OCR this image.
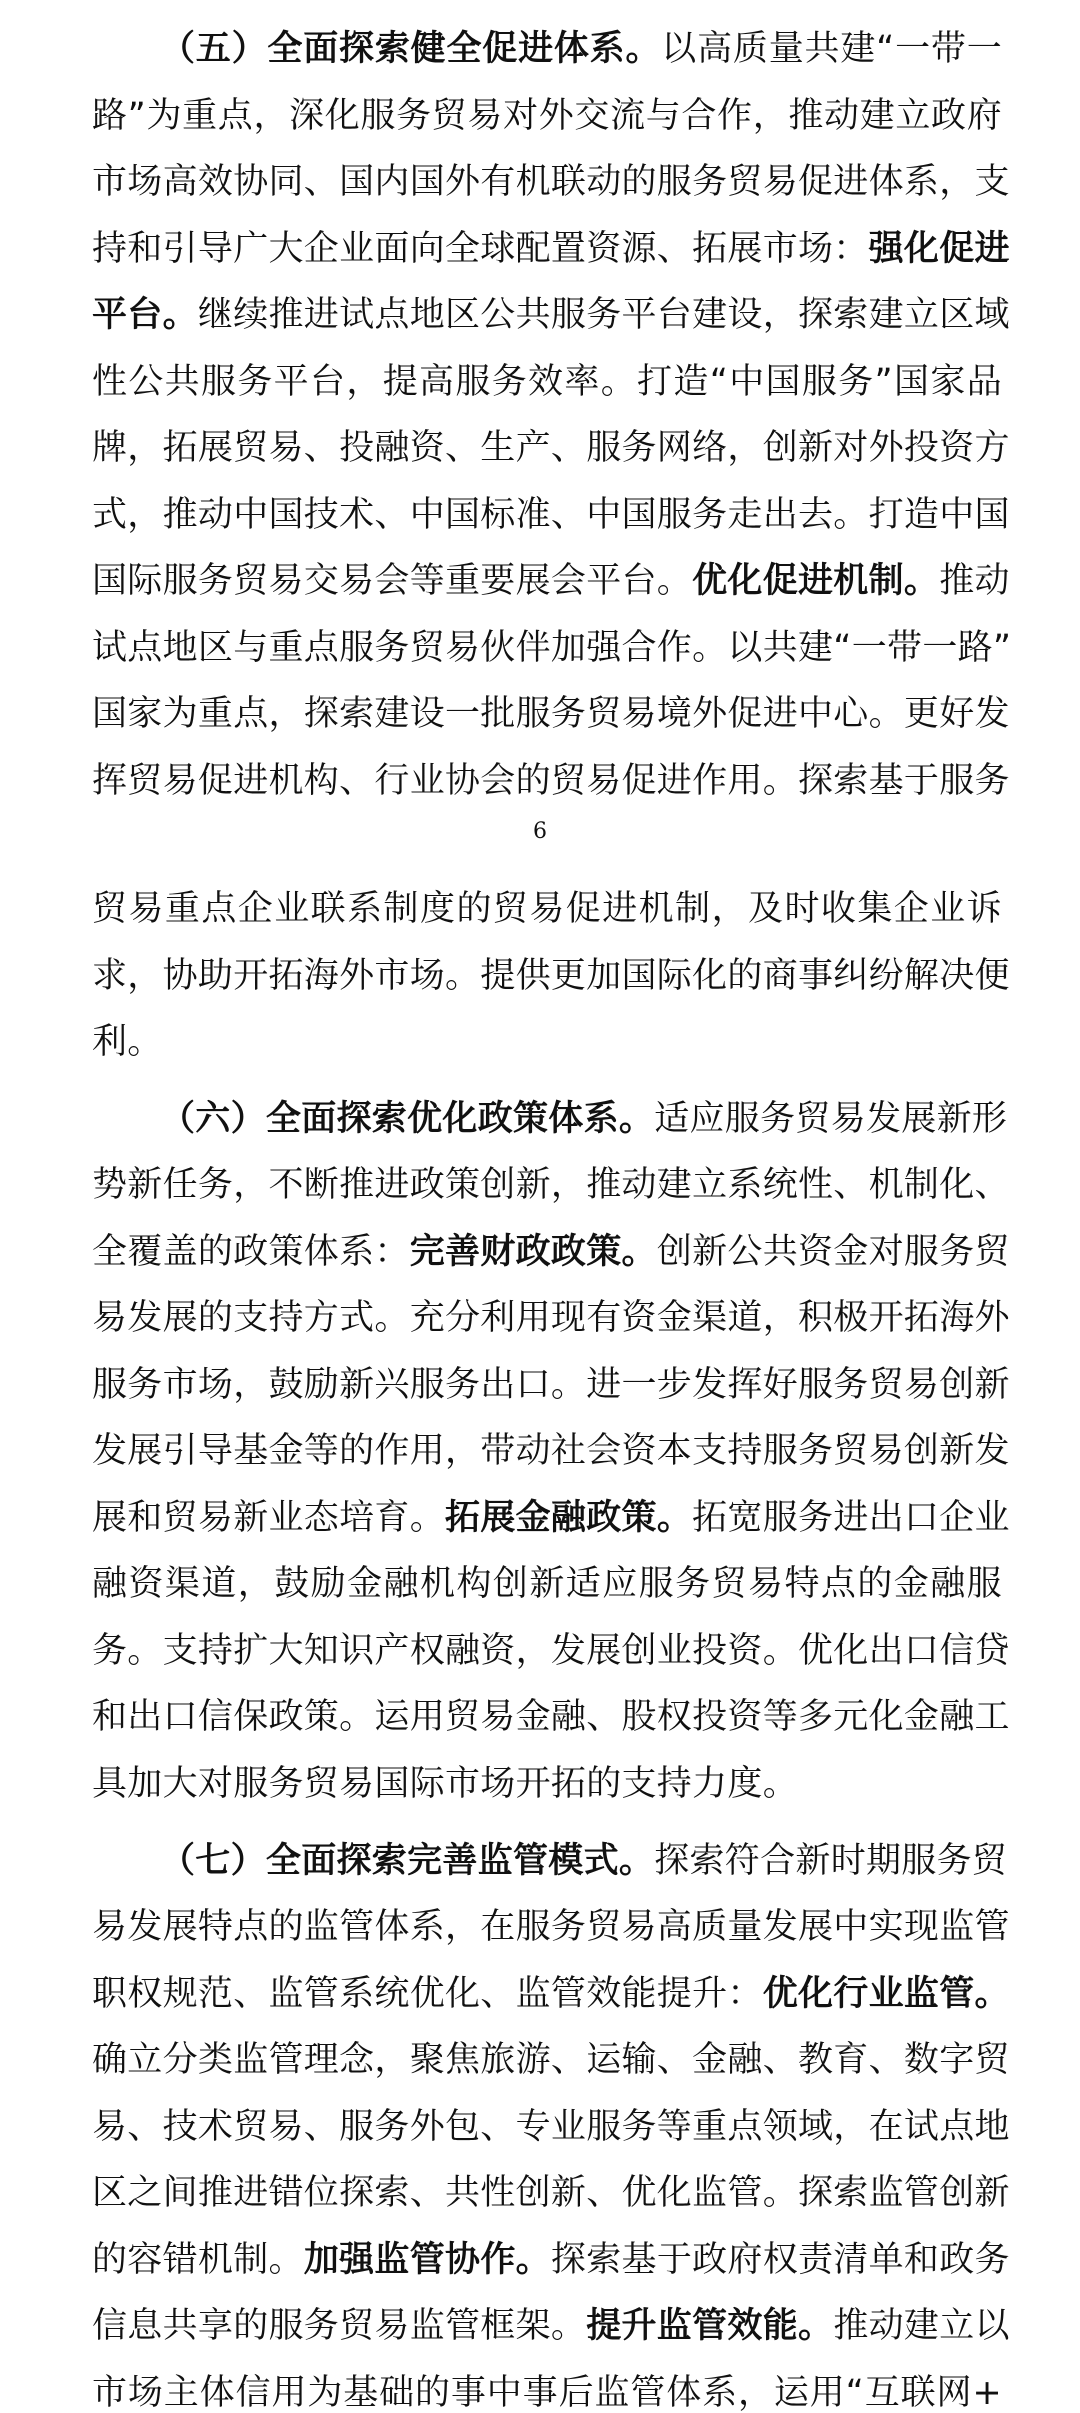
（五）全面探索健全促进体系。以高质量共建“一带一
路”为重点，深化服务贸易对外交流与合作，推动建立政府
市场高效协同、国内国外有机联动的服务贸易促进体系，支
持和引导广大企业面向全球配置资源、拓展市场：强化促进
平台。继续推进试点地区公共服务平台建设，探索建立区域
性公共服务平台，提高服务效率。打造“中国服务”国家品
牌，拓展贸易、投融资、生产、服务网络，创新对外投资方
式，推动中国技术、中国标准、中国服务走出去。打造中国
国际服务贸易交易会等重要展会平台。优化促进机制。推动
试点地区与重点服务贸易伙伴加强合作。以共建“一带一路”
国家为重点，探索建设一批服务贸易境外促进中心。更好发
挥贸易促进机构、行业协会的贸易促进作用。探索基于服务
贸易重点企业联系制度的贸易促进机制，及时收集企业诉
求，协助开拓海外市场。提供更加国际化的商事纠纷解决便
利。
（六）全面探索优化政策体系。适应服务贸易发展新形
势新任务，不断推进政策创新，推动建立系统性、机制化、
全覆盖的政策体系：完善财政政策。创新公共资金对服务贸
易发展的支持方式。充分利用现有资金渠道，积极开拓海外
服务市场，鼓励新兴服务出口。进一步发挥好服务贸易创新
发展引导基金等的作用，带动社会资本支持服务贸易创新发
展和贸易新业态培育。拓展金融政策。拓宽服务进出口企业
融资渠道，鼓励金融机构创新适应服务贸易特点的金融服
务。支持扩大知识产权融资，发展创业投资。优化出口信贷
和出口信保政策。运用贸易金融、股权投资等多元化金融工
具加大对服务贸易国际市场开拓的支持力度。
（七）全面探索完善监管模式。探索符合新时期服务贸
易发展特点的监管体系，在服务贸易高质量发展中实现监管
职权规范、监管系统优化、监管效能提升：优化行业监管。
确立分类监管理念，聚焦旅游、运输、金融、教育、数字贸
易、技术贸易、服务外包、专业服务等重点领域，在试点地
区之间推进错位探索、共性创新、优化监管。探索监管创新
的容错机制。加强监管协作。探索基于政府权责清单和政务
信息共享的服务贸易监管框架。提升监管效能。推动建立以
市场主体信用为基础的事中事后监管体系，运用“互联网+
6
